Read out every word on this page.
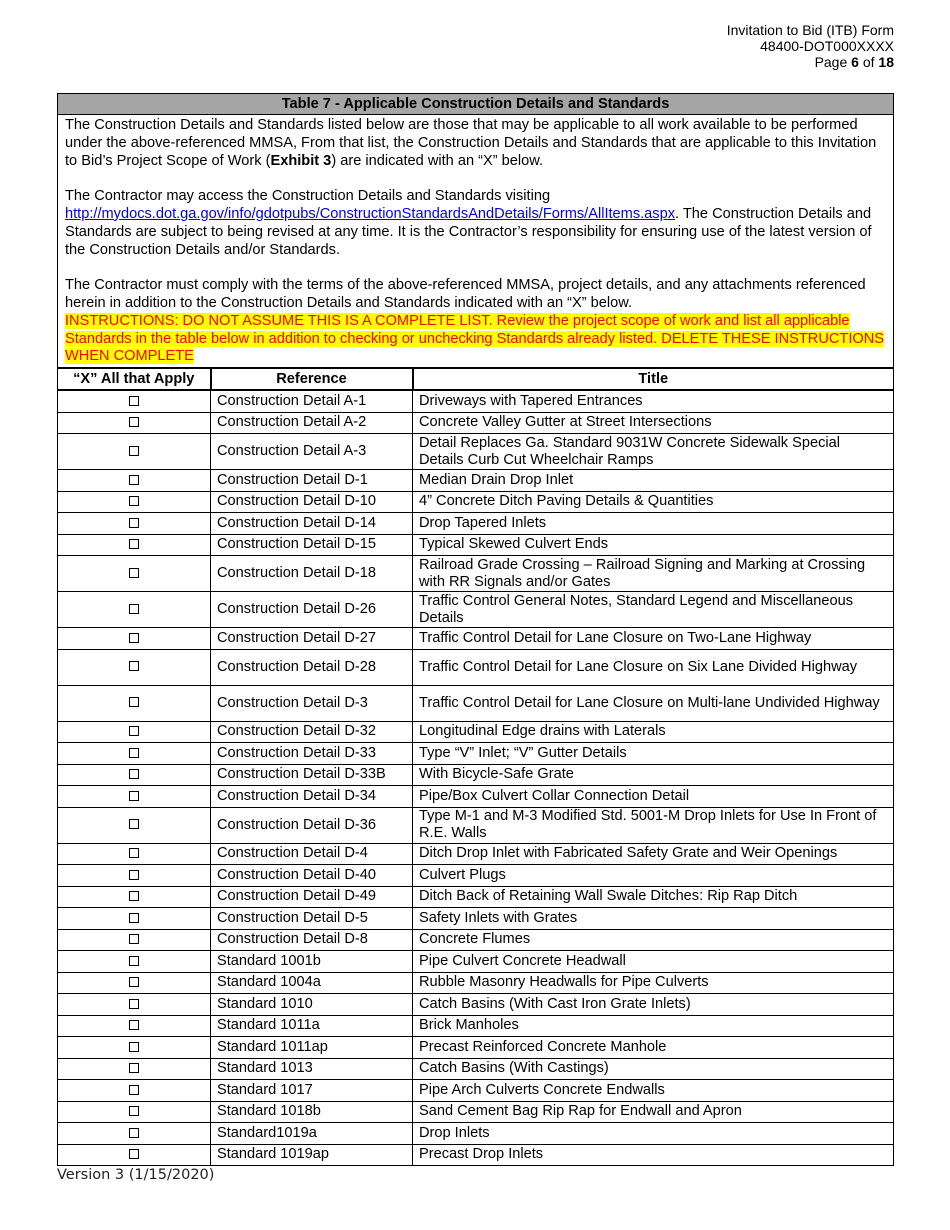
Invitation to Bid (ITB) Form
48400-DOT000XXXX
Page 6 of 18
Table 7 - Applicable Construction Details and Standards		

The Construction Details and Standards listed below are those that may be applicable to all work available to be performed under the above-referenced MMSA, From that list, the Construction Details and Standards that are applicable to this Invitation to Bid’s Project Scope of Work (Exhibit 3) are indicated with an “X” below.

The Contractor may access the Construction Details and Standards visiting http://mydocs.dot.ga.gov/info/gdotpubs/ConstructionStandardsAndDetails/Forms/AllItems.aspx. The Construction Details and Standards are subject to being revised at any time. It is the Contractor’s responsibility for ensuring use of the latest version of the Construction Details and/or Standards.

The Contractor must comply with the terms of the above-referenced MMSA, project details, and any attachments referenced herein in addition to the Construction Details and Standards indicated with an “X” below.
INSTRUCTIONS: DO NOT ASSUME THIS IS A COMPLETE LIST. Review the project scope of work and list all applicable Standards in the table below in addition to checking or unchecking Standards already listed. DELETE THESE INSTRUCTIONS WHEN COMPLETE		

“X” All that Apply	Reference	Title
	Construction Detail A-1	Driveways with Tapered Entrances
	Construction Detail A-2	Concrete Valley Gutter at Street Intersections
	Construction Detail A-3	Detail Replaces Ga. Standard 9031W Concrete Sidewalk Special Details Curb Cut Wheelchair Ramps
	Construction Detail D-1	Median Drain Drop Inlet
	Construction Detail D-10	4” Concrete Ditch Paving Details & Quantities
	Construction Detail D-14	Drop Tapered Inlets
	Construction Detail D-15	Typical Skewed Culvert Ends
	Construction Detail D-18	Railroad Grade Crossing – Railroad Signing and Marking at Crossing with RR Signals and/or Gates
	Construction Detail D-26	Traffic Control General Notes, Standard Legend and Miscellaneous Details
	Construction Detail D-27	Traffic Control Detail for Lane Closure on Two-Lane Highway
	Construction Detail D-28	Traffic Control Detail for Lane Closure on Six Lane Divided Highway
	Construction Detail D-3	Traffic Control Detail for Lane Closure on Multi-lane Undivided Highway
	Construction Detail D-32	Longitudinal Edge drains with Laterals
	Construction Detail D-33	Type “V” Inlet; “V” Gutter Details
	Construction Detail D-33B	With Bicycle-Safe Grate
	Construction Detail D-34	Pipe/Box Culvert Collar Connection Detail
	Construction Detail D-36	Type M-1 and M-3 Modified Std. 5001-M Drop Inlets for Use In Front of R.E. Walls
	Construction Detail D-4	Ditch Drop Inlet with Fabricated Safety Grate and Weir Openings
	Construction Detail D-40	Culvert Plugs
	Construction Detail D-49	Ditch Back of Retaining Wall Swale Ditches: Rip Rap Ditch
	Construction Detail D-5	Safety Inlets with Grates
	Construction Detail D-8	Concrete Flumes
	Standard 1001b	Pipe Culvert Concrete Headwall
	Standard 1004a	Rubble Masonry Headwalls for Pipe Culverts
	Standard 1010	Catch Basins (With Cast Iron Grate Inlets)
	Standard 1011a	Brick Manholes
	Standard 1011ap	Precast Reinforced Concrete Manhole
	Standard 1013	Catch Basins (With Castings)
	Standard 1017	Pipe Arch Culverts Concrete Endwalls
	Standard 1018b	Sand Cement Bag Rip Rap for Endwall and Apron
	Standard1019a	Drop Inlets
	Standard 1019ap	Precast Drop Inlets
Version 3 (1/15/2020)
